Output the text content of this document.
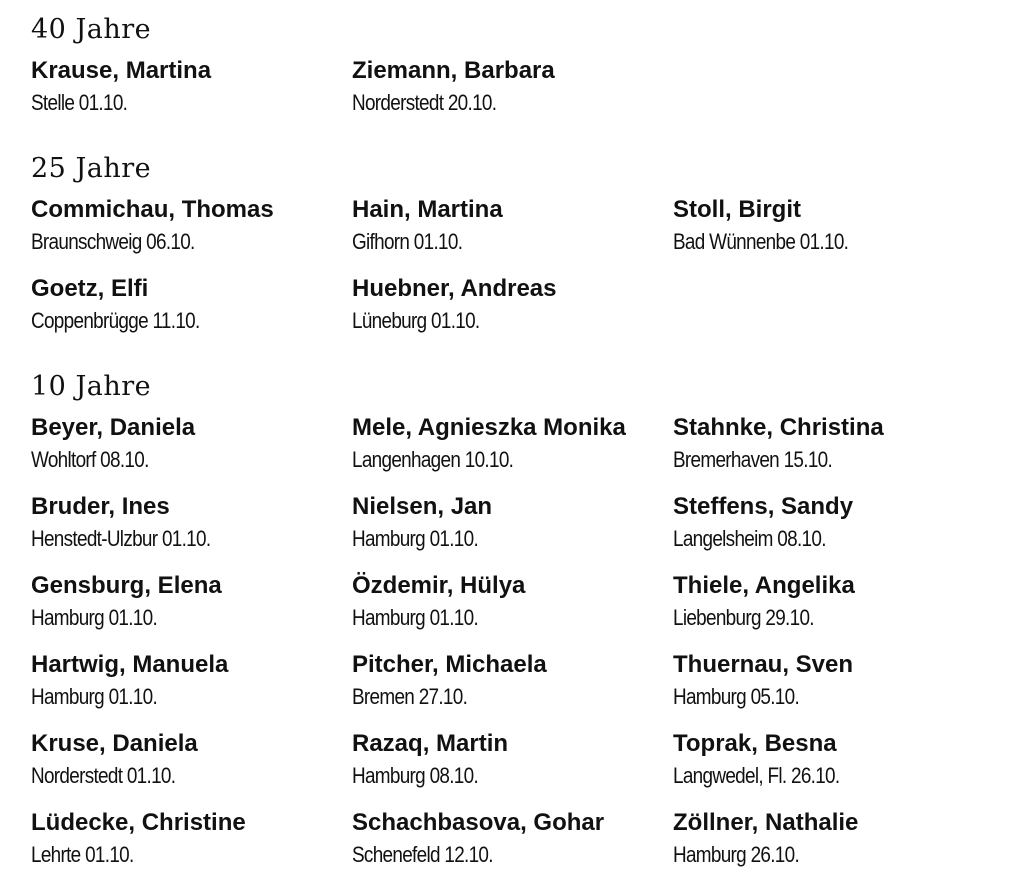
40 Jahre
Krause, Martina
Stelle 01.10.
Ziemann, Barbara
Norderstedt 20.10.
25 Jahre
Commichau, Thomas
Braunschweig 06.10.
Hain, Martina
Gifhorn 01.10.
Stoll, Birgit
Bad Wünnenbe 01.10.
Goetz, Elfi
Coppenbrügge 11.10.
Huebner, Andreas
Lüneburg 01.10.
10 Jahre
Beyer, Daniela
Wohltorf 08.10.
Mele, Agnieszka Monika
Langenhagen 10.10.
Stahnke, Christina
Bremerhaven 15.10.
Bruder, Ines
Henstedt-Ulzbur 01.10.
Nielsen, Jan
Hamburg 01.10.
Steffens, Sandy
Langelsheim 08.10.
Gensburg, Elena
Hamburg 01.10.
Özdemir, Hülya
Hamburg 01.10.
Thiele, Angelika
Liebenburg 29.10.
Hartwig, Manuela
Hamburg 01.10.
Pitcher, Michaela
Bremen 27.10.
Thuernau, Sven
Hamburg 05.10.
Kruse, Daniela
Norderstedt 01.10.
Razaq, Martin
Hamburg 08.10.
Toprak, Besna
Langwedel, Fl. 26.10.
Lüdecke, Christine
Lehrte 01.10.
Schachbasova, Gohar
Schenefeld 12.10.
Zöllner, Nathalie
Hamburg 26.10.
